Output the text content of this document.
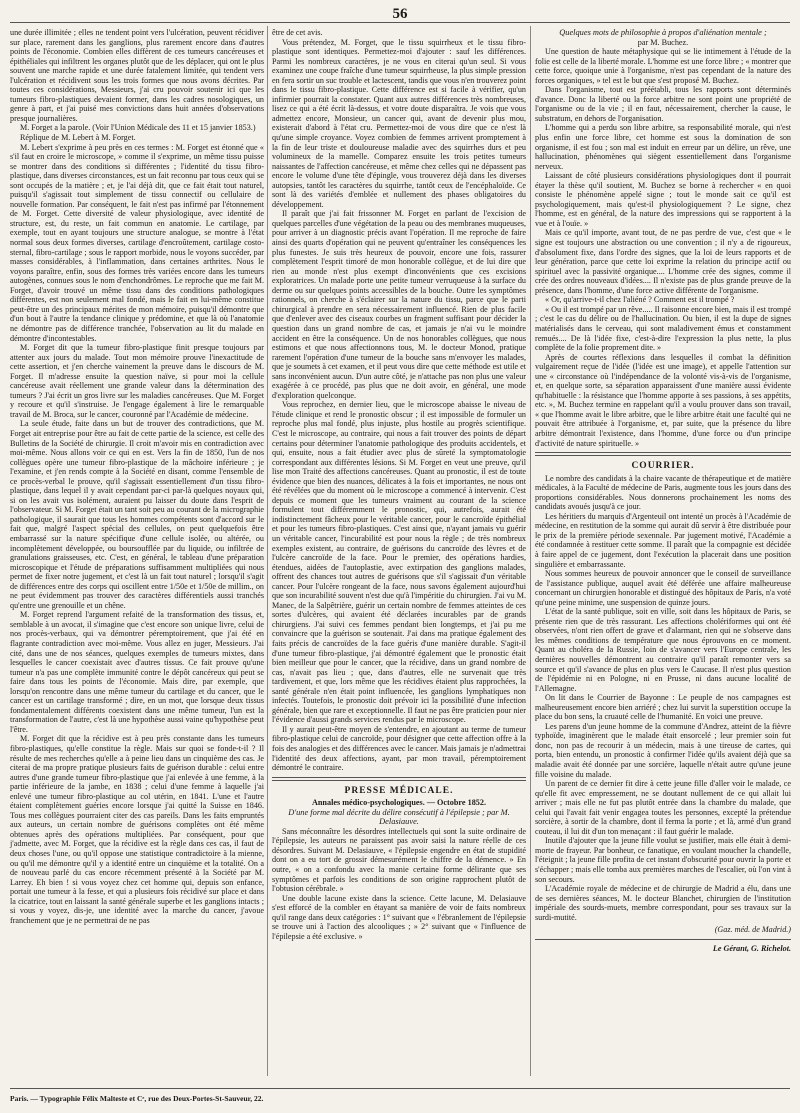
56

une durée illimitée ; elles ne tendent point vers l'ulcération, peuvent récidiver sur place, rarement dans les ganglions, plus rarement encore dans d'autres points de l'économie. Combien elles diffèrent de ces tumeurs cancéreuses et épithéliales qui infiltrent les organes plutôt que de les déplacer, qui ont le plus souvent une marche rapide et une durée fatalement limitée, qui tendent vers l'ulcération et récidivent sous les trois formes que nous avons décrites. Par toutes ces considérations, Messieurs, j'ai cru pouvoir soutenir ici que les tumeurs fibro-plastiques devaient former, dans les cadres nosologiques, un genre à part, et j'ai puisé mes convictions dans huit années d'observations presque journalières.

M. Forget a la parole. (Voir l'Union Médicale des 11 et 15 janvier 1853.)

Réplique de M. Lebert à M. Forget.

M. Lebert s'exprime à peu près en ces termes : M. Forget est étonné que « s'il faut en croire le microscope, » comme il s'exprime, un même tissu puisse se montrer dans des conditions si différentes ; l'identité du tissu fibro-plastique, dans diverses circonstances, est un fait reconnu par tous ceux qui se sont occupés de la matière ; et, je l'ai déjà dit, que ce fait était tout naturel, puisqu'il s'agissait tout simplement de tissu connectif ou cellulaire de nouvelle formation. Par conséquent, le fait n'est pas infirmé par l'étonnement de M. Forget. Cette diversité de valeur physiologique, avec identité de structure, est, du reste, un fait commun en anatomie. Le cartilage, par exemple, tout en ayant toujours une structure analogue, se montre à l'état normal sous deux formes diverses, cartilage d'encroûtement, cartilage costo-sternal, fibro-cartilage ; sous le rapport morbide, nous le voyons succéder, par masses considérables, à l'inflammation, dans certaines arthrites. Nous le voyons paraître, enfin, sous des formes très variées encore dans les tumeurs autogènes, connues sous le nom d'enchondrômes. Le reproche que me fait M. Forget, d'avoir trouvé un même tissu dans des conditions pathologiques différentes, est non seulement mal fondé, mais le fait en lui-même constitue peut-être un des principaux mérites de mon mémoire, puisqu'il démontre que d'un bout à l'autre la tendance clinique y prédomine, et que là où l'anatomie ne démontre pas de différence tranchée, l'observation au lit du malade en démontre d'incontestables.

M. Forget dit que la tumeur fibro-plastique finit presque toujours par attenter aux jours du malade. Tout mon mémoire prouve l'inexactitude de cette assertion, et j'en cherche vainement la preuve dans le discours de M. Forget. Il m'adresse ensuite la question naïve, si pour moi la cellule cancéreuse avait réellement une grande valeur dans la détermination des tumeurs ? J'ai écrit un gros livre sur les maladies cancéreuses. Que M. Forget y recoure et qu'il s'instruise. Je l'engage également à lire le remarquable travail de M. Broca, sur le cancer, couronné par l'Académie de médecine.

La seule étude, faite dans un but de trouver des contradictions, que M. Forget ait entreprise pour être au fait de cette partie de la science, est celle des Bulletins de la Société de chirurgie. Il croit m'avoir mis en contradiction avec moi-même. Nous allons voir ce qui en est. Vers la fin de 1850, l'un de nos collègues opère une tumeur fibro-plastique de la mâchoire inférieure ; je l'examine, et j'en rends compte à la Société en disant, comme l'ensemble de ce procès-verbal le prouve, qu'il s'agissait essentiellement d'un tissu fibro-plastique, dans lequel il y avait cependant par-ci par-là quelques noyaux qui, si on les avait vus isolément, auraient pu laisser du doute dans l'esprit de l'observateur. Si M. Forget était un tant soit peu au courant de la micrographie pathologique, il saurait que tous les hommes compétents sont d'accord sur le fait que, malgré l'aspect spécial des cellules, on peut quelquefois être embarrassé sur la nature spécifique d'une cellule isolée, ou altérée, ou incomplètement développée, ou boursoufflée par du liquide, ou infiltrée de granulations graisseuses, etc. C'est, en général, le tableau d'une préparation microscopique et l'étude de préparations suffisamment multipliées qui nous permet de fixer notre jugement, et c'est là un fait tout naturel ; lorsqu'il s'agit de différences entre des corps qui oscillent entre 1/50e et 1/50e de millim., on ne peut évidemment pas trouver des caractères différentiels aussi tranchés qu'entre une grenouille et un chêne.

M. Forget reprend l'argument refaité de la transformation des tissus, et, semblable à un avocat, il s'imagine que c'est encore son unique livre, celui de nos procès-verbaux, qui va démontrer péremptoirement, que j'ai été en flagrante contradiction avec moi-même. Vous allez en juger, Messieurs. J'ai cité, dans une de nos séances, quelques exemples de tumeurs mixtes, dans lesquelles le cancer coexistait avec d'autres tissus. Ce fait prouve qu'une tumeur n'a pas une complète immunité contre le dépôt cancéreux qui peut se faire dans tous les points de l'économie. Mais dire, par exemple, que lorsqu'on rencontre dans une même tumeur du cartilage et du cancer, que le cancer est un cartilage transformé ; dire, en un mot, que lorsque deux tissus fondamentalement différents coexistent dans une même tumeur, l'un est la transformation de l'autre, c'est là une hypothèse aussi vaine qu'hypothèse peut l'être.

M. Forget dit que la récidive est à peu près constante dans les tumeurs fibro-plastiques, qu'elle constitue la règle. Mais sur quoi se fonde-t-il ? Il résulte de mes recherches qu'elle a à peine lieu dans un cinquième des cas. Je citerai de ma propre pratique plusieurs faits de guérison durable : celui entre autres d'une grande tumeur fibro-plastique que j'ai enlevée à une femme, à la partie inférieure de la jambe, en 1838 ; celui d'une femme à laquelle j'ai enlevé une tumeur fibro-plastique au col utérin, en 1841. L'une et l'autre étaient complètement guéries encore lorsque j'ai quitté la Suisse en 1846. Tous mes collègues pourraient citer des cas pareils. Dans les faits empruntés aux auteurs, un certain nombre de guérisons complètes ont été même obtenues après des opérations multipliées. Par conséquent, pour que j'admette, avec M. Forget, que la récidive est la règle dans ces cas, il faut de deux choses l'une, ou qu'il oppose une statistique contradictoire à la mienne, ou qu'il me démontre qu'il y a identité entre un cinquième et la totalité. On a de nouveau parlé du cas encore récemment présenté à la Société par M. Larrey. Eh bien ! si vous voyez chez cet homme qui, depuis son enfance, portait une tumeur à la fesse, et qui a plusieurs fois récidivé sur place et dans la cicatrice, tout en laissant la santé générale superbe et les ganglions intacts ; si vous y voyez, dis-je, une identité avec la marche du cancer, j'avoue franchement que je ne permettrai de ne pas

être de cet avis.

Vous prétendez, M. Forget, que le tissu squirrheux et le tissu fibro-plastique sont identiques. Permettez-moi d'ajouter : sauf les différences. Parmi les nombreux caractères, je ne vous en citerai qu'un seul. Si vous examinez une coupe fraîche d'une tumeur squirrheuse, la plus simple pression en fera sortir un suc trouble et lactescent, tandis que vous n'en trouverez point dans le tissu fibro-plastique. Cette différence est si facile à vérifier, qu'un infirmier pourrait la constater. Quant aux autres différences très nombreuses, lisez ce qui a été écrit là-dessus, et votre doute disparaîtra. Je vois que vous admettez encore, Monsieur, un cancer qui, avant de devenir plus mou, existerait d'abord à l'état cru. Permettez-moi de vous dire que ce n'est là qu'une simple croyance. Voyez combien de femmes arrivent promptement à la fin de leur triste et douloureuse maladie avec des squirrhes durs et peu volumineux de la mamelle. Comparez ensuite les trois petites tumeurs naissantes de l'affection cancéreuse, et même chez celles qui ne dépassent pas encore le volume d'une tête d'épingle, vous trouverez déjà dans les diverses autopsies, tantôt les caractères du squirrhe, tantôt ceux de l'encéphaloïde. Ce sont là des variétés d'emblée et nullement des phases obligatoires du développement.

Il paraît que j'ai fait frissonner M. Forget en parlant de l'excision de quelques parcelles d'une végétation de la peau ou des membranes muqueuses, pour arriver à un diagnostic précis avant l'opération. Il me reproche de faire ainsi des quarts d'opération qui ne peuvent qu'entraîner les conséquences les plus funestes. Je suis très heureux de pouvoir, encore une fois, rassurer complètement l'esprit timoré de mon honorable collègue, et de lui dire que rien au monde n'est plus exempt d'inconvénients que ces excisions exploratrices. Un malade porte une petite tumeur verruqueuse à la surface du derme ou sur quelques points accessibles de la bouche. Outre les symptômes rationnels, on cherche à s'éclairer sur la nature du tissu, parce que le parti chirurgical à prendre en sera nécessairement influencé. Rien de plus facile que d'enlever avec des ciseaux courbes un fragment suffisant pour décider la question dans un grand nombre de cas, et jamais je n'ai vu le moindre accident en être la conséquence. Un de nos honorables collègues, que nous estimons et que nous affectionnons tous, M. le docteur Monod, pratique rarement l'opération d'une tumeur de la bouche sans m'envoyer les malades, que je soumets à cet examen, et il peut vous dire que cette méthode est utile et sans inconvénient aucun. D'un autre côté, je n'attache pas non plus une valeur exagérée à ce procédé, pas plus que ne doit avoir, en général, une mode d'exploration quelconque.

Vous reprochez, en dernier lieu, que le microscope abaisse le niveau de l'étude clinique et rend le pronostic obscur ; il est impossible de formuler un reproche plus mal fondé, plus injuste, plus hostile au progrès scientifique. C'est le microscope, au contraire, qui nous a fait trouver des points de départ certains pour déterminer l'anatomie pathologique des produits accidentels, et qui, ensuite, nous a fait étudier avec plus de sûreté la symptomatologie correspondant aux différentes lésions. Si M. Forget en veut une preuve, qu'il lise mon Traité des affections cancéreuses. Quant au pronostic, il est de toute évidence que bien des nuances, délicates à la fois et importantes, ne nous ont été révélées que du moment où le microscope a commencé à intervenir. C'est depuis ce moment que les tumeurs vraiment au courant de la science formulent tout différemment le pronostic, qui, autrefois, aurait été indistinctement fâcheux pour le véritable cancer, pour le cancroïde épithélial et pour les tumeurs fibro-plastiques. C'est ainsi que, n'ayant jamais vu guérir un véritable cancer, l'incurabilité est pour nous la règle ; de très nombreux exemples existent, au contraire, de guérisons du cancroïde des lèvres et de l'ulcère cancroïde de la face. Pour le premier, des opérations hardies, étendues, aidées de l'autoplastie, avec extirpation des ganglions malades, offrent des chances tout autres de guérisons que s'il s'agissait d'un véritable cancer. Pour l'ulcère rongeant de la face, nous savons également aujourd'hui que son incurabilité souvent n'est due qu'à l'impéritie du chirurgien. J'ai vu M. Manec, de la Salpêtrière, guérir un certain nombre de femmes atteintes de ces sortes d'ulcères, qui avaient été déclarées incurables par de grands chirurgiens. J'ai suivi ces femmes pendant bien longtemps, et j'ai pu me convaincre que la guérison se soutenait. J'ai dans ma pratique également des faits précis de cancroïdes de la face guéris d'une manière durable. S'agit-il d'une tumeur fibro-plastique, j'ai démontré également que le pronostic était bien meilleur que pour le cancer, que la récidive, dans un grand nombre de cas, n'avait pas lieu ; que, dans d'autres, elle ne survenait que très tardivement, et que, lors même que les récidives étaient plus rapprochées, la santé générale n'en était point influencée, les ganglions lymphatiques non infectés. Toutefois, le pronostic doit prévoir ici la possibilité d'une infection générale, bien que rare et exceptionnelle. Il faut ne pas être praticien pour nier l'évidence d'aussi grands services rendus par le microscope.

Il y aurait peut-être moyen de s'entendre, en ajoutant au terme de tumeur fibro-plastique celui de cancroïde, pour désigner que cette affection offre à la fois des analogies et des différences avec le cancer. Mais jamais je n'admettrai l'identité des deux affections, ayant, par mon travail, péremptoirement démontré le contraire.

PRESSE MÉDICALE.
Annales médico-psychologiques. — Octobre 1852.
D'une forme mal décrite du délire consécutif à l'épilepsie ; par M. Delasiauve.

Sans méconnaître les désordres intellectuels qui sont la suite ordinaire de l'épilepsie, les auteurs ne paraissent pas avoir saisi la nature réelle de ces désordres. Suivant M. Delasiauve, « l'épilepsie engendre en état de stupidité dont on a eu tort de grossir démesurément le chiffre de la démence. » En outre, « on a confondu avec la manie certaine forme délirante que ses symptômes et parfois les conditions de son origine rapprochent plutôt de l'obtusion cérébrale. »

Une double lacune existe dans la science. Cette lacune, M. Delasiauve s'est efforcé de la combler en étayant sa manière de voir de faits nombreux qu'il range dans deux catégories : 1° suivant que « l'ébranlement de l'épilepsie se trouve uni à l'action des alcooliques ; » 2° suivant que « l'influence de l'épilepsie a été exclusive. »

Quelques mots de philosophie à propos d'aliénation mentale ;
par M. Buchez.

Une question de haute métaphysique qui se lie intimement à l'étude de la folie est celle de la liberté morale. L'homme est une force libre ; « montrer que cette force, quoique unie à l'organisme, n'est pas cependant de la nature des forces organiques, » tel est le but que s'est proposé M. Buchez.

Dans l'organisme, tout est préétabli, tous les rapports sont déterminés d'avance. Donc la liberté ou la force arbitre ne sont point une propriété de l'organisme ou de la vie ; il en faut, nécessairement, chercher la cause, le substratum, en dehors de l'organisation.

L'homme qui a perdu son libre arbitre, sa responsabilité morale, qui n'est plus enfin une force libre, cet homme est sous la domination de son organisme, il est fou ; son mal est induit en erreur par un délire, un rêve, une hallucination, phénomènes qui siègent essentiellement dans l'organisme nerveux.

Laissant de côté plusieurs considérations physiologiques dont il pourrait étayer la thèse qu'il soutient, M. Buchez se borne à rechercher « en quoi consiste le phénomène appelé signe ; tout le monde sait ce qu'il est psychologiquement, mais qu'est-il physiologiquement ? Le signe, chez l'homme, est en général, de la nature des impressions qui se rapportent à la vue et à l'ouïe. »

Mais ce qu'il importe, avant tout, de ne pas perdre de vue, c'est que « le signe est toujours une abstraction ou une convention ; il n'y a de rigoureux, d'absolument fixe, dans l'ordre des signes, que la loi de leurs rapports et de leur génération, parce que cette loi exprime la relation du principe actif ou spirituel avec la passivité organique.... L'homme crée des signes, comme il crée des ordres nouveaux d'idées.... Il n'existe pas de plus grande preuve de la présence, dans l'homme, d'une force active différente de l'organisme.

« Or, qu'arrive-t-il chez l'aliéné ? Comment est il trompé ?

« Ou il est trompé par un rêve..... Il raisonne encore bien, mais il est trompé ; c'est le cas du délire ou de l'hallucination. Ou bien, il est la dupe de signes matérialisés dans le cerveau, qui sont maladivement émus et constamment remués.... De là l'idée fixe, c'est-à-dire l'expression la plus nette, la plus complète de la folie proprement dite. »

Après de courtes réflexions dans lesquelles il combat la définition vulgairement reçue de l'idée (l'idée est une image), et appelle l'attention sur une « circonstance où l'indépendance de la volonté vis-à-vis de l'organisme, et, en quelque sorte, sa séparation apparaissent d'une manière aussi évidente qu'habituelle : la résistance que l'homme apporte à ses passions, à ses appétits, etc. », M. Buchez termine en rappelant qu'il a voulu prouver dans son travail, « que l'homme avait le libre arbitre, que le libre arbitre était une faculté qui ne pouvait être attribuée à l'organisme, et, par suite, que la présence du libre arbitre démontrait l'existence, dans l'homme, d'une force ou d'un principe d'activité de nature spirituelle. »

COURRIER.

Le nombre des candidats à la chaire vacante de thérapeutique et de matière médicales, à la Faculté de médecine de Paris, augmente tous les jours dans des proportions considérables. Nous donnerons prochainement les noms des candidats avoués jusqu'à ce jour.

Les héritiers du marquis d'Argenteuil ont intenté un procès à l'Académie de médecine, en restitution de la somme qui aurait dû servir à être distribuée pour le prix de la première période sexennale. Par jugement motivé, l'Académie a été condamnée à restituer cette somme. Il paraît que la compagnie est décidée à faire appel de ce jugement, dont l'exécution la placerait dans une position singulière et embarrassante.

Nous sommes heureux de pouvoir annoncer que le conseil de surveillance de l'assistance publique, auquel avait été déférée une affaire malheureuse concernant un chirurgien honorable et distingué des hôpitaux de Paris, n'a voté qu'une peine minime, une suspension de quinze jours.

L'état de la santé publique, soit en ville, soit dans les hôpitaux de Paris, se présente rien que de très rassurant. Les affections cholériformes qui ont été observées, n'ont rien offert de grave et d'alarmant, rien qui ne s'observe dans les mêmes conditions de température que nous éprouvons en ce moment. Quant au choléra de la Russie, loin de s'avancer vers l'Europe centrale, les dernières nouvelles démontrent au contraire qu'il paraît remonter vers sa source et qu'il s'avance de plus en plus vers le Caucase. Il n'est plus question de l'épidémie ni en Pologne, ni en Prusse, ni dans aucune localité de l'Allemagne.

On lit dans le Courrier de Bayonne : Le peuple de nos campagnes est malheureusement encore bien arriéré ; chez lui survit la superstition occupe la place du bon sens, la cruauté celle de l'humanité. En voici une preuve.

Les parens d'un jeune homme de la commune d'Andrez, atteint de la fièvre typhoïde, imaginèrent que le malade était ensorcelé ; leur premier soin fut donc, non pas de recourir à un médecin, mais à une tireuse de cartes, qui porta, bien entendu, un pronostic à confirmer l'idée qu'ils avaient déjà que sa maladie avait été donnée par une sorcière, laquelle n'était autre qu'une jeune fille voisine du malade.

Un parent de ce dernier fit dire à cette jeune fille d'aller voir le malade, ce qu'elle fit avec empressement, ne se doutant nullement de ce qui allait lui arriver ; mais elle ne fut pas plutôt entrée dans la chambre du malade, que celui qui l'avait fait venir engagea toutes les personnes, excepté la prétendue sorcière, à sortir de la chambre, dont il ferma la porte ; et là, armé d'un grand couteau, il lui dit d'un ton menaçant : il faut guérir le malade.

Inutile d'ajouter que la jeune fille voulut se justifier, mais elle était à demi-morte de frayeur. Par bonheur, ce fanatique, en voulant moucher la chandelle, l'éteignit ; la jeune fille profita de cet instant d'obscurité pour ouvrir la porte et s'échapper ; mais elle tomba aux premières marches de l'escalier, où l'on vint à son secours.

L'Académie royale de médecine et de chirurgie de Madrid a élu, dans une de ses dernières séances, M. le docteur Blanchet, chirurgien de l'institution impériale des sourds-muets, membre correspondant, pour ses travaux sur la surdi-mutité.

(Gaz. méd. de Madrid.)
Le Gérant, G. Richelot.
Paris. — Typographie Félix Malteste et Cᵉ, rue des Deux-Portes-St-Sauveur, 22.
